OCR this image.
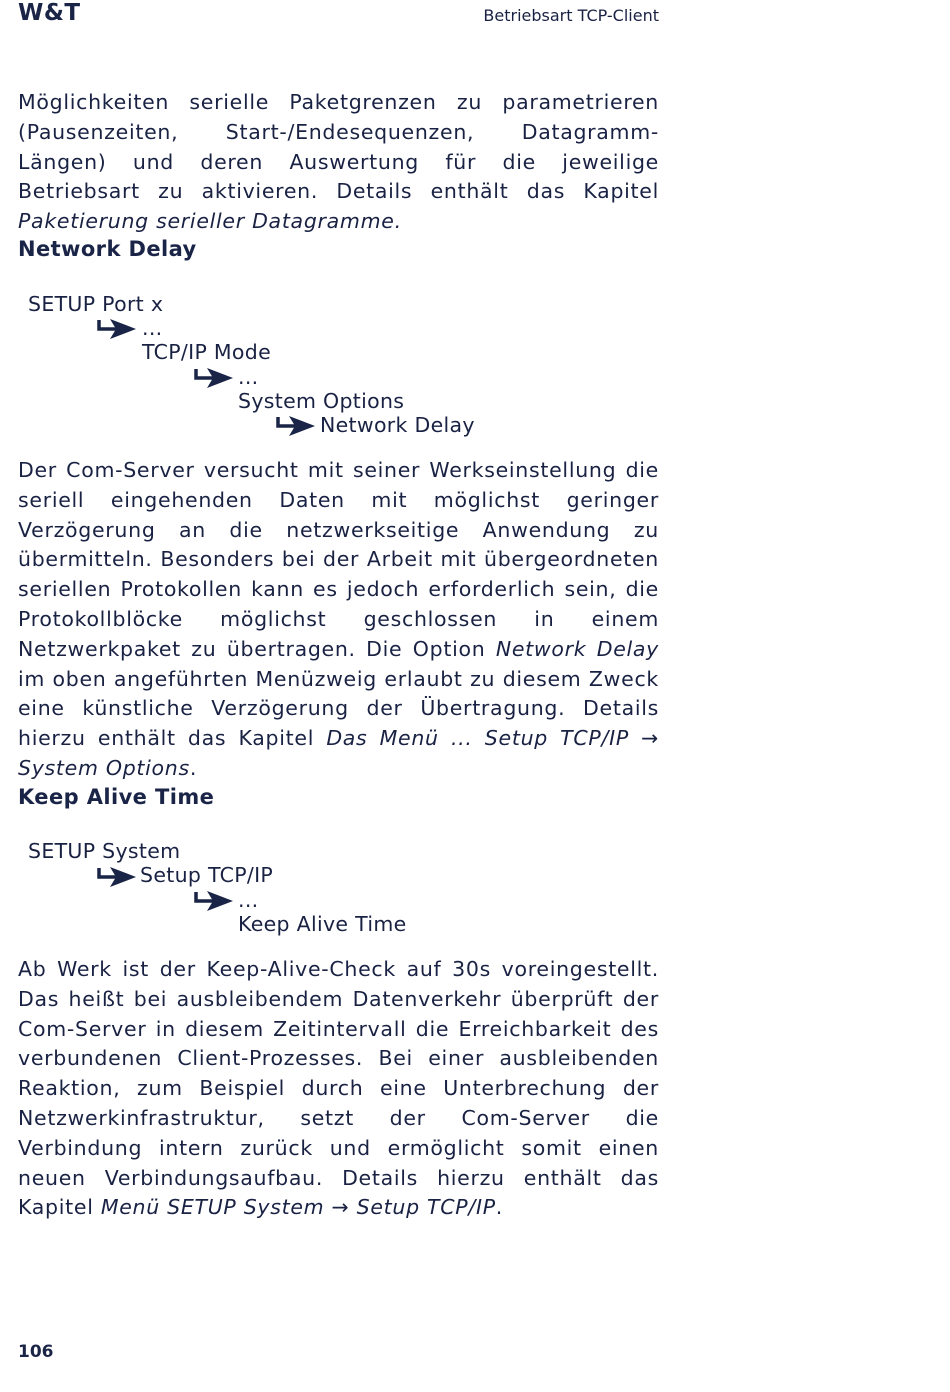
W&T	Betriebsart TCP-Client

Möglichkeiten serielle Paketgrenzen zu parametrieren (Pausenzeiten, Start-/Endesequenzen, Datagramm-Längen) und deren Auswertung für die jeweilige Betriebsart zu aktivieren. Details enthält das Kapitel Paketierung serieller Datagramme.

Network Delay
SETUP Port x
...
TCP/IP Mode
...
System Options
Network Delay

Der Com-Server versucht mit seiner Werkseinstellung die seriell eingehenden Daten mit möglichst geringer Verzögerung an die netzwerkseitige Anwendung zu übermitteln. Besonders bei der Arbeit mit übergeordneten seriellen Protokollen kann es jedoch erforderlich sein, die Protokollblöcke möglichst geschlossen in einem Netzwerkpaket zu übertragen. Die Option Network Delay im oben angeführten Menüzweig erlaubt zu diesem Zweck eine künstliche Verzögerung der Übertragung. Details hierzu enthält das Kapitel Das Menü ... Setup TCP/IP → System Options.

Keep Alive Time
SETUP System
Setup TCP/IP
...
Keep Alive Time

Ab Werk ist der Keep-Alive-Check auf 30s voreingestellt. Das heißt bei ausbleibendem Datenverkehr überprüft der Com-Server in diesem Zeitintervall die Erreichbarkeit des verbundenen Client-Prozesses. Bei einer ausbleibenden Reaktion, zum Beispiel durch eine Unterbrechung der Netzwerkinfrastruktur, setzt der Com-Server die Verbindung intern zurück und ermöglicht somit einen neuen Verbindungsaufbau. Details hierzu enthält das Kapitel Menü SETUP System → Setup TCP/IP.

106
